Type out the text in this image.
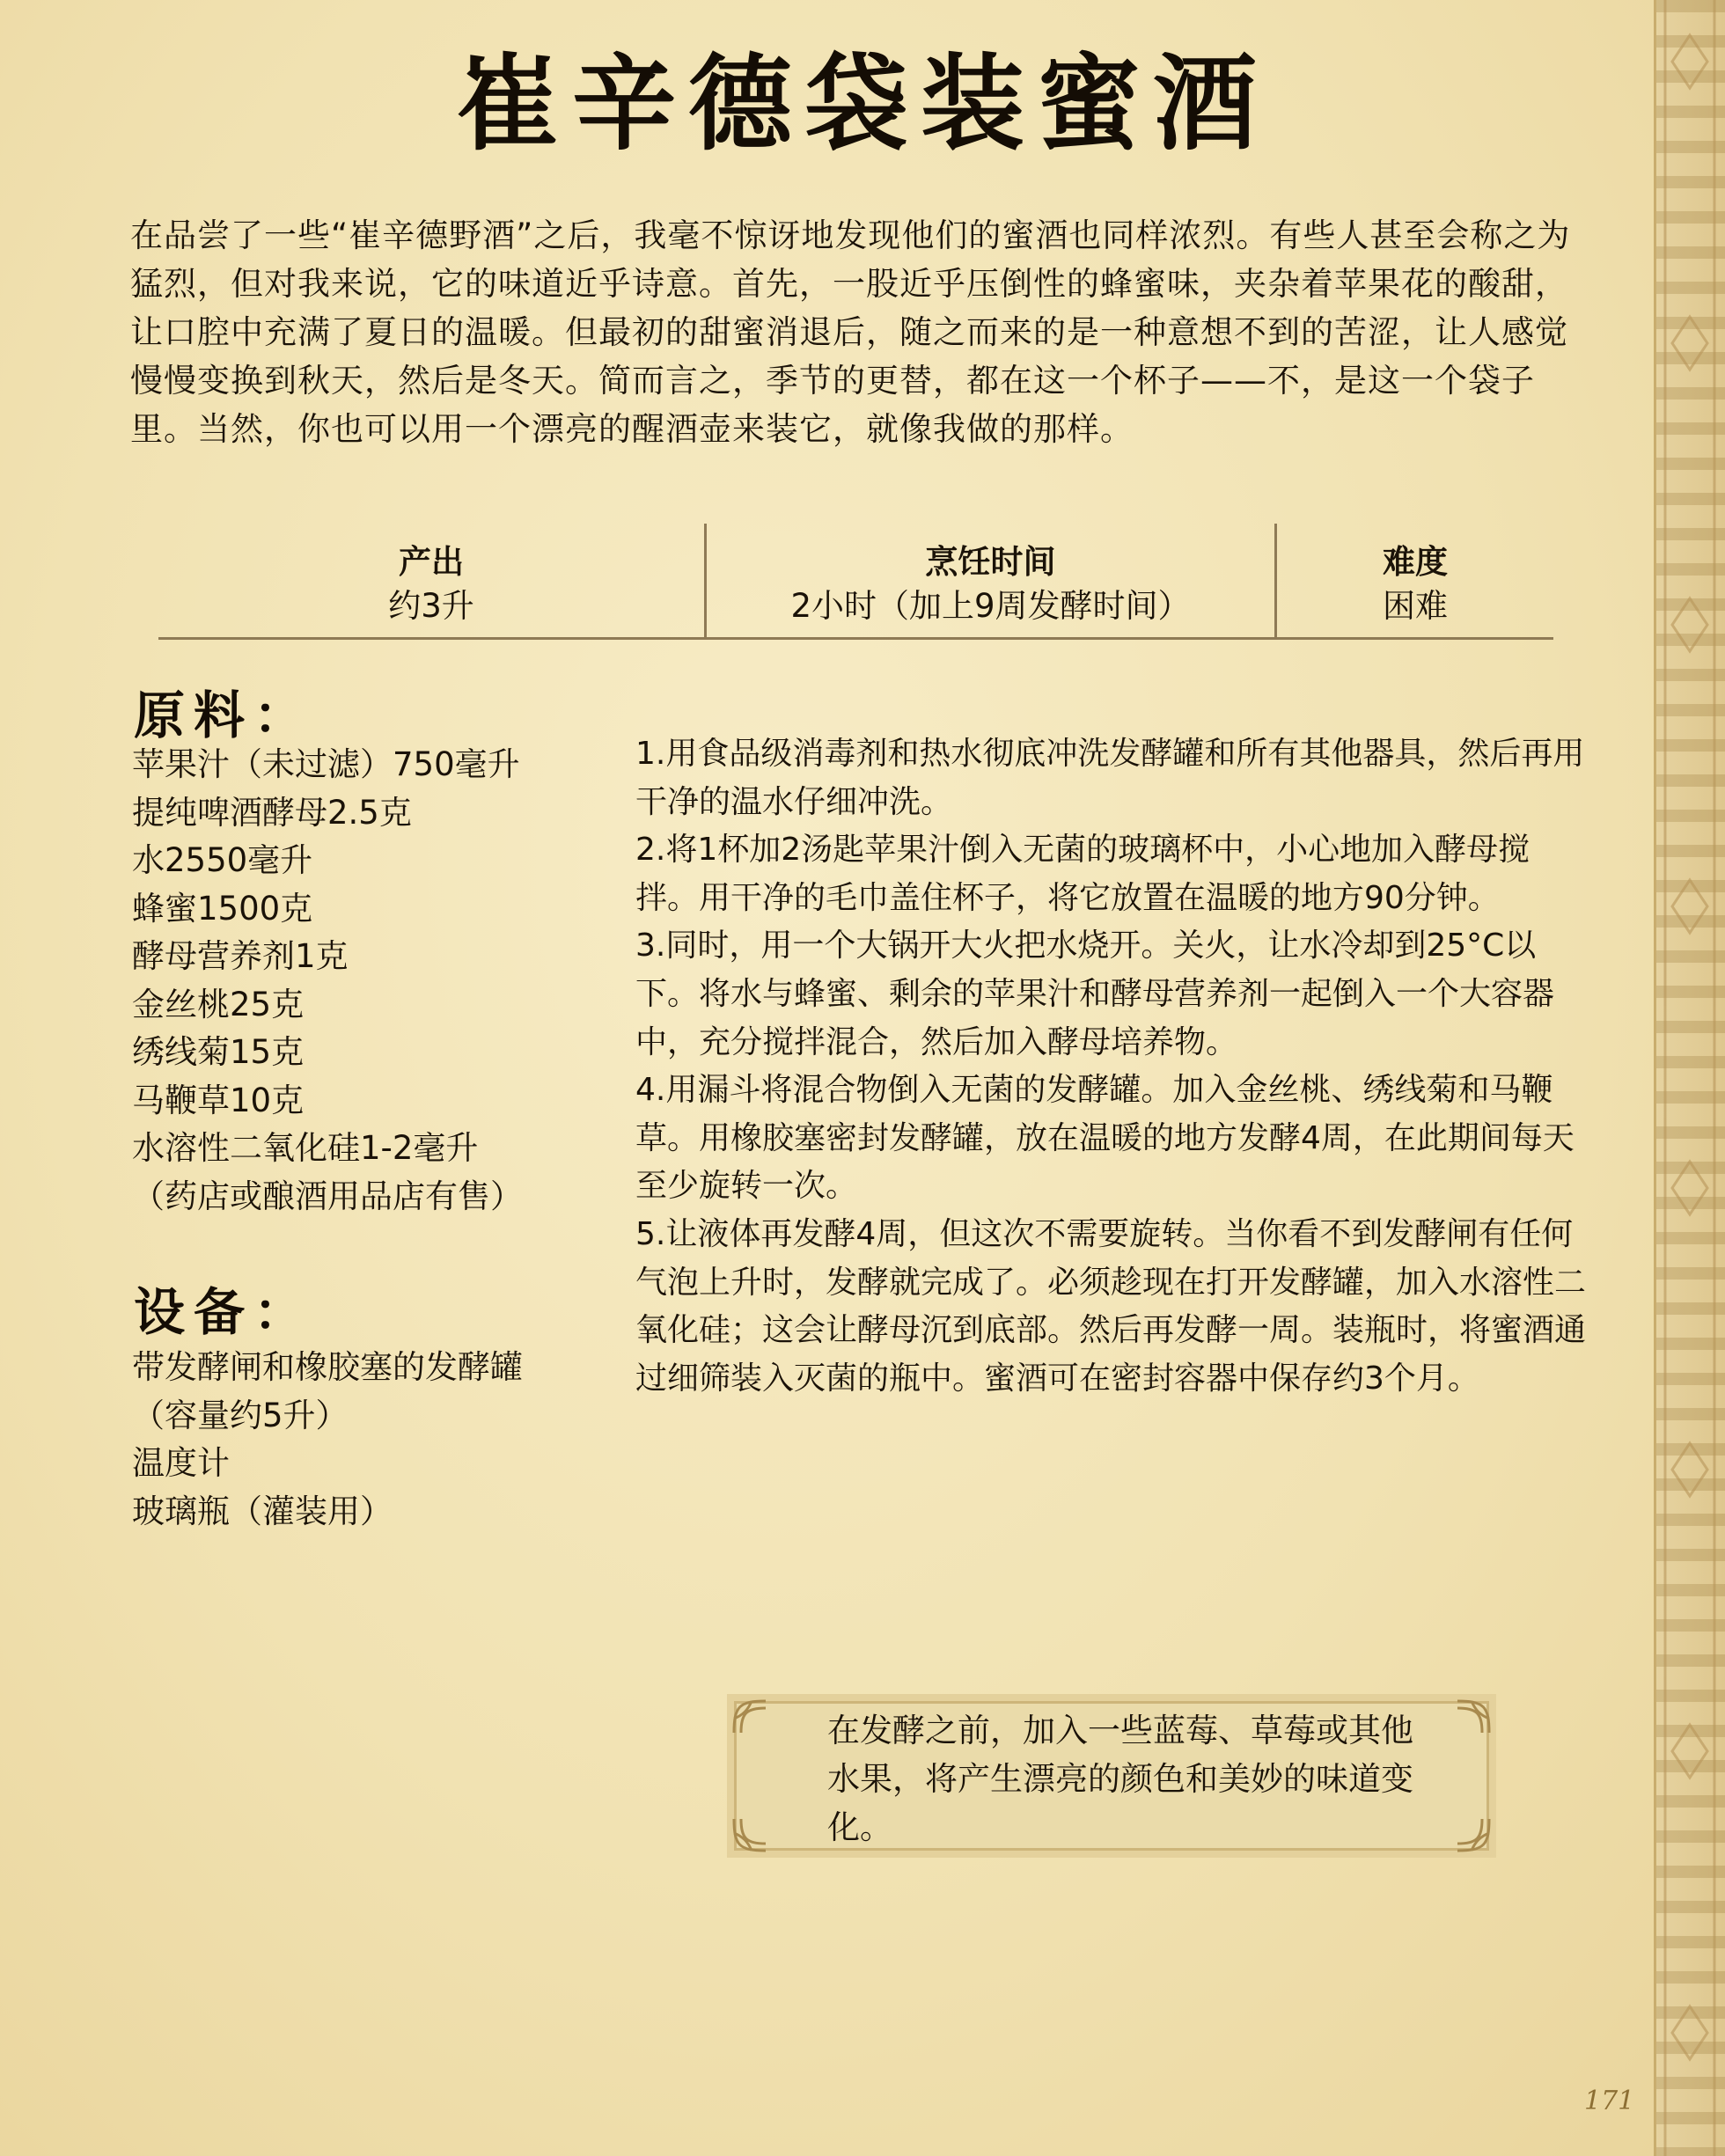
崔辛德袋装蜜酒
在品尝了一些“崔辛德野酒”之后，我毫不惊讶地发现他们的蜜酒也同样浓烈。有些人甚至会称之为猛烈，但对我来说，它的味道近乎诗意。首先，一股近乎压倒性的蜂蜜味，夹杂着苹果花的酸甜，让口腔中充满了夏日的温暖。但最初的甜蜜消退后，随之而来的是一种意想不到的苦涩，让人感觉慢慢变换到秋天，然后是冬天。简而言之，季节的更替，都在这一个杯子——不，是这一个袋子里。当然，你也可以用一个漂亮的醒酒壶来装它，就像我做的那样。
产出
约3升
烹饪时间
2小时（加上9周发酵时间）
难度
困难
原料：
苹果汁（未过滤）750毫升
提纯啤酒酵母2.5克
水2550毫升
蜂蜜1500克
酵母营养剂1克
金丝桃25克
绣线菊15克
马鞭草10克
水溶性二氧化硅1-2毫升
（药店或酿酒用品店有售）
设备：
带发酵闸和橡胶塞的发酵罐
（容量约5升）
温度计
玻璃瓶（灌装用）

1.用食品级消毒剂和热水彻底冲洗发酵罐和所有其他器具，然后再用干净的温水仔细冲洗。

2.将1杯加2汤匙苹果汁倒入无菌的玻璃杯中，小心地加入酵母搅拌。用干净的毛巾盖住杯子，将它放置在温暖的地方90分钟。

3.同时，用一个大锅开大火把水烧开。关火，让水冷却到25°C以下。将水与蜂蜜、剩余的苹果汁和酵母营养剂一起倒入一个大容器中，充分搅拌混合，然后加入酵母培养物。

4.用漏斗将混合物倒入无菌的发酵罐。加入金丝桃、绣线菊和马鞭草。用橡胶塞密封发酵罐，放在温暖的地方发酵4周，在此期间每天至少旋转一次。

5.让液体再发酵4周，但这次不需要旋转。当你看不到发酵闸有任何气泡上升时，发酵就完成了。必须趁现在打开发酵罐，加入水溶性二氧化硅；这会让酵母沉到底部。然后再发酵一周。装瓶时，将蜜酒通过细筛装入灭菌的瓶中。蜜酒可在密封容器中保存约3个月。

在发酵之前，加入一些蓝莓、草莓或其他水果，将产生漂亮的颜色和美妙的味道变化。
171
